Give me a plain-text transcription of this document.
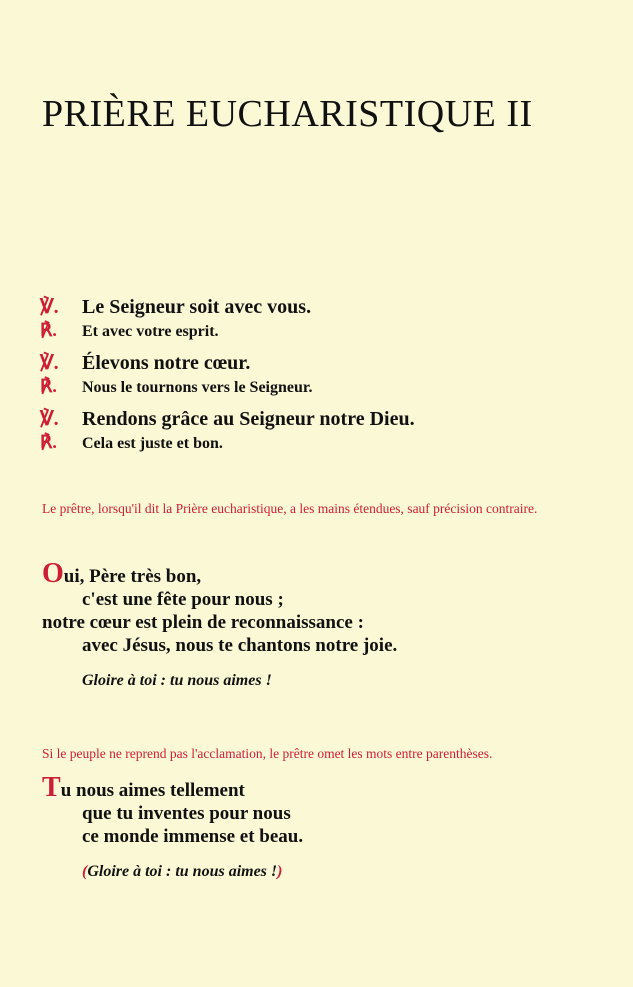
PRIÈRE EUCHARISTIQUE II
℣.	Le Seigneur soit avec vous.
℟.	Et avec votre esprit.
℣.	Élevons notre cœur.
℟.	Nous le tournons vers le Seigneur.
℣.	Rendons grâce au Seigneur notre Dieu.
℟.	Cela est juste et bon.
Le prêtre, lorsqu'il dit la Prière eucharistique, a les mains étendues, sauf précision contraire.
Oui, Père très bon,
c'est une fête pour nous ;
notre cœur est plein de reconnaissance :
avec Jésus, nous te chantons notre joie.
Gloire à toi : tu nous aimes !
Si le peuple ne reprend pas l'acclamation, le prêtre omet les mots entre parenthèses.
Tu nous aimes tellement
que tu inventes pour nous
ce monde immense et beau.
(Gloire à toi : tu nous aimes !)
